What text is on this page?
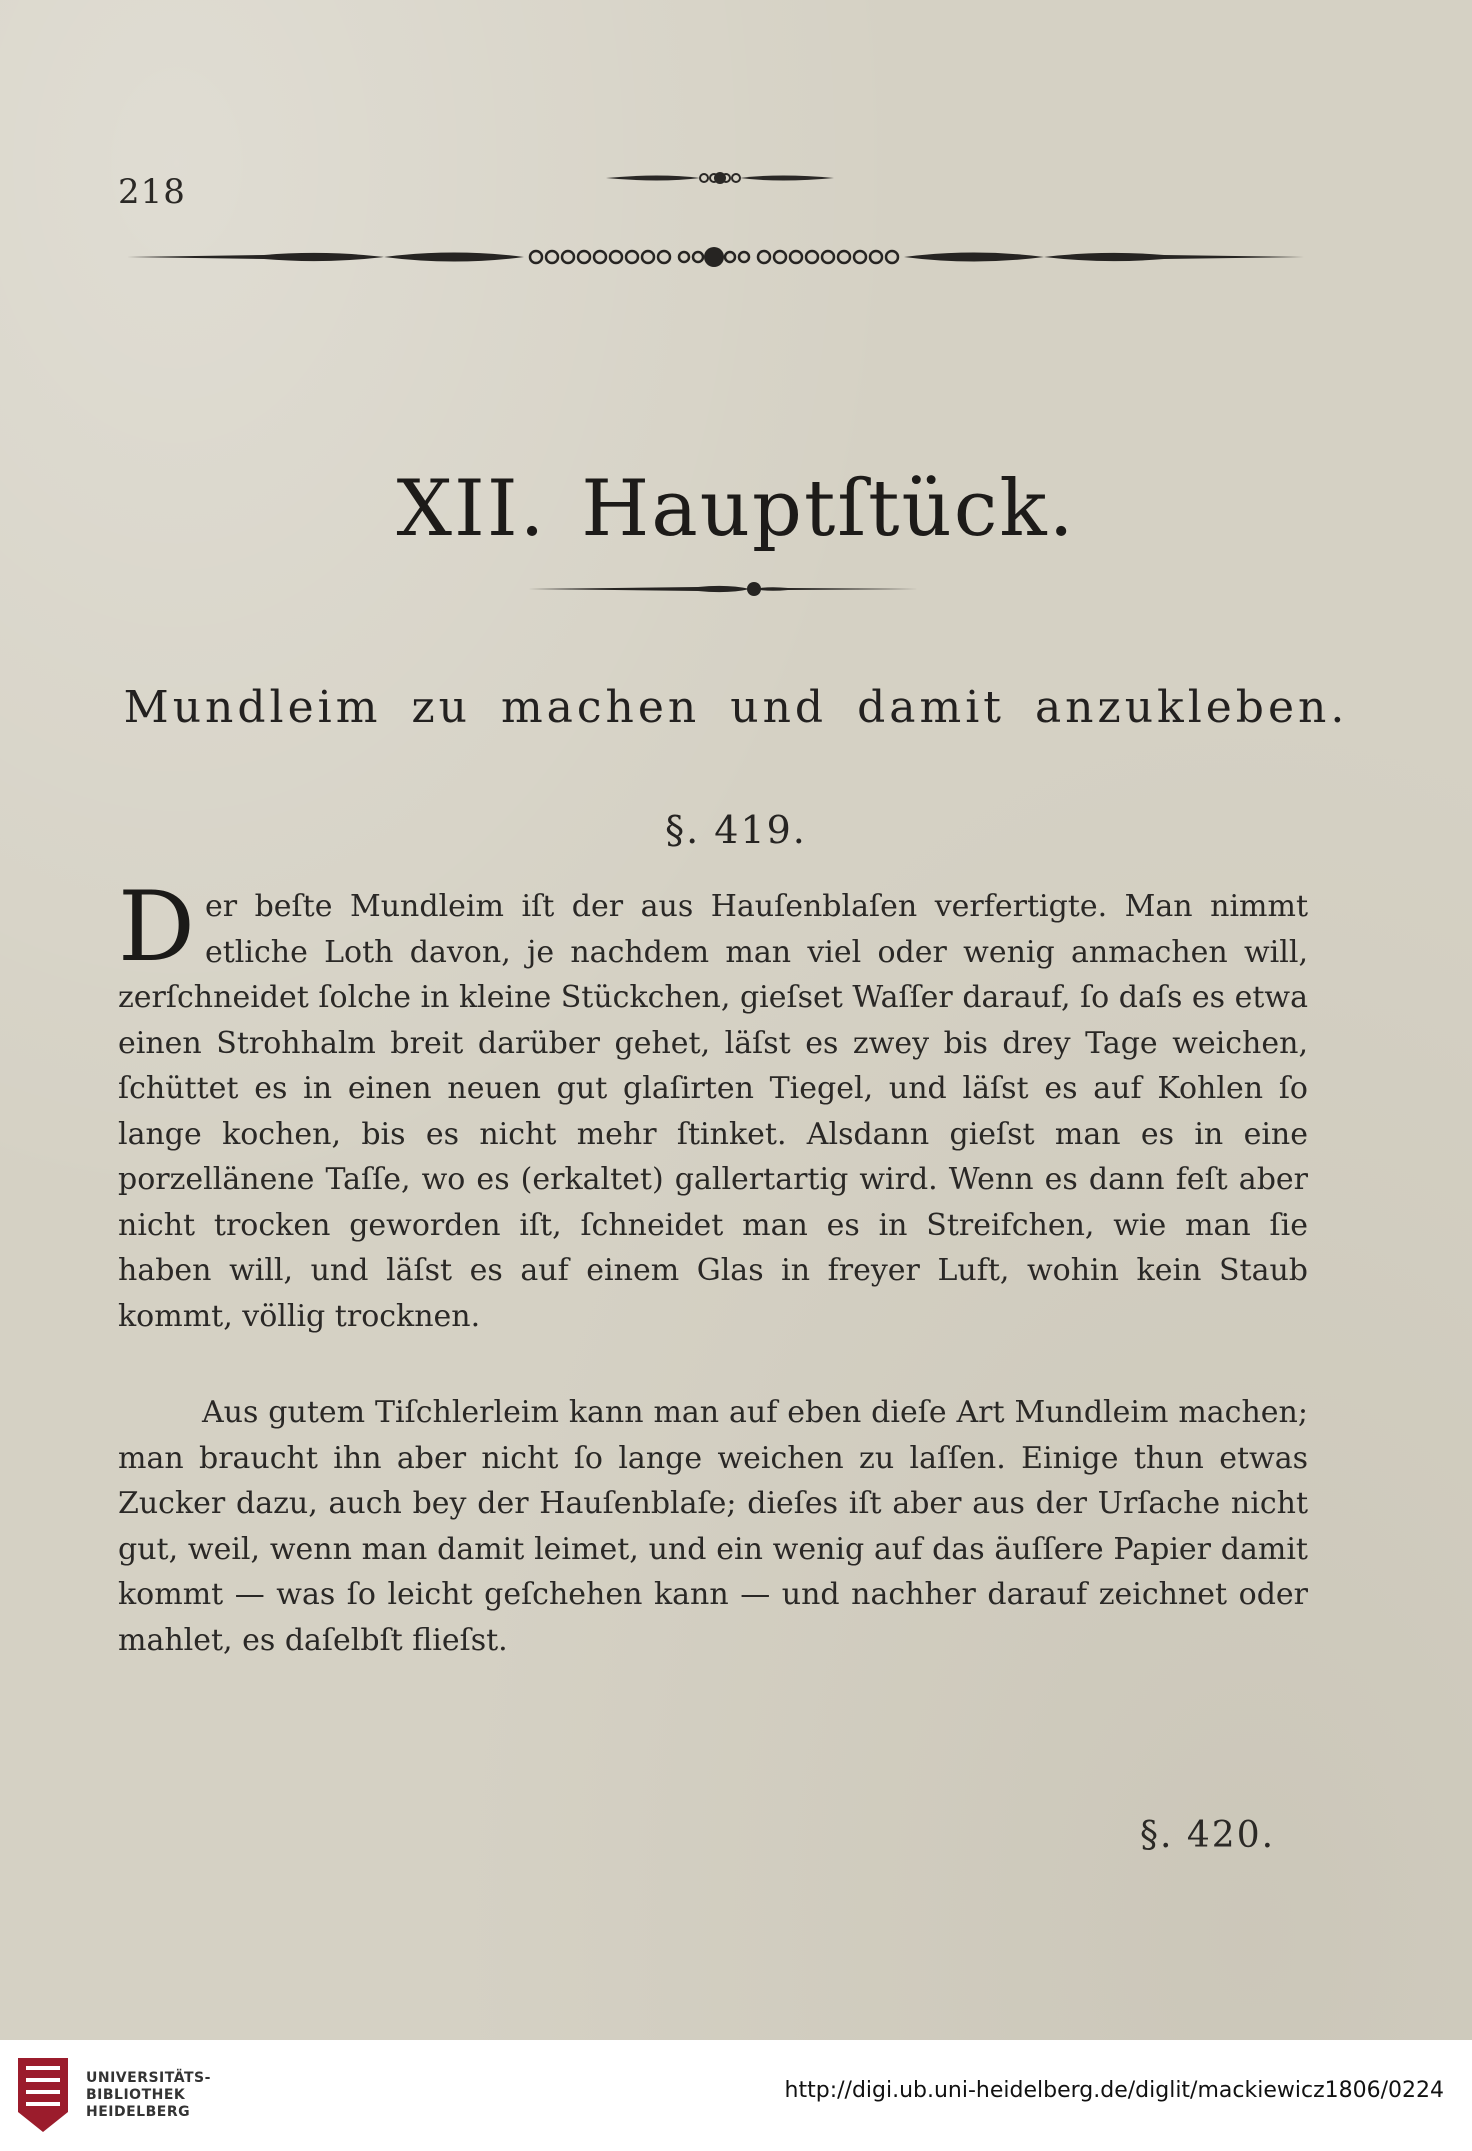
218
XII. Hauptſtück.
Mundleim zu machen und damit anzukleben.
§. 419.

Der beſte Mundleim iſt der aus Hauſenblaſen verfertigte. Man nimmt etliche Loth davon, je nachdem man viel oder wenig anmachen will, zerſchneidet ſolche in kleine Stückchen, gieſset Waſſer darauf, ſo daſs es etwa einen Strohhalm breit darüber gehet, läſst es zwey bis drey Tage weichen, ſchüttet es in einen neuen gut glaſirten Tiegel, und läſst es auf Kohlen ſo lange kochen, bis es nicht mehr ſtinket. Alsdann gieſst man es in eine porzellänene Taſſe, wo es (erkaltet) gallertartig wird. Wenn es dann feſt aber nicht trocken geworden iſt, ſchneidet man es in Streifchen, wie man ſie haben will, und läſst es auf einem Glas in freyer Luft, wohin kein Staub kommt, völlig trocknen.

Aus gutem Tiſchlerleim kann man auf eben dieſe Art Mundleim machen; man braucht ihn aber nicht ſo lange weichen zu laſſen. Einige thun etwas Zucker dazu, auch bey der Hauſenblaſe; dieſes iſt aber aus der Urſache nicht gut, weil, wenn man damit leimet, und ein wenig auf das äuſſere Papier damit kommt — was ſo leicht geſchehen kann — und nachher darauf zeichnet oder mahlet, es daſelbſt flieſst.

§. 420.
UNIVERSITÄTS-
BIBLIOTHEK
HEIDELBERG
http://digi.ub.uni-heidelberg.de/diglit/mackiewicz1806/0224
